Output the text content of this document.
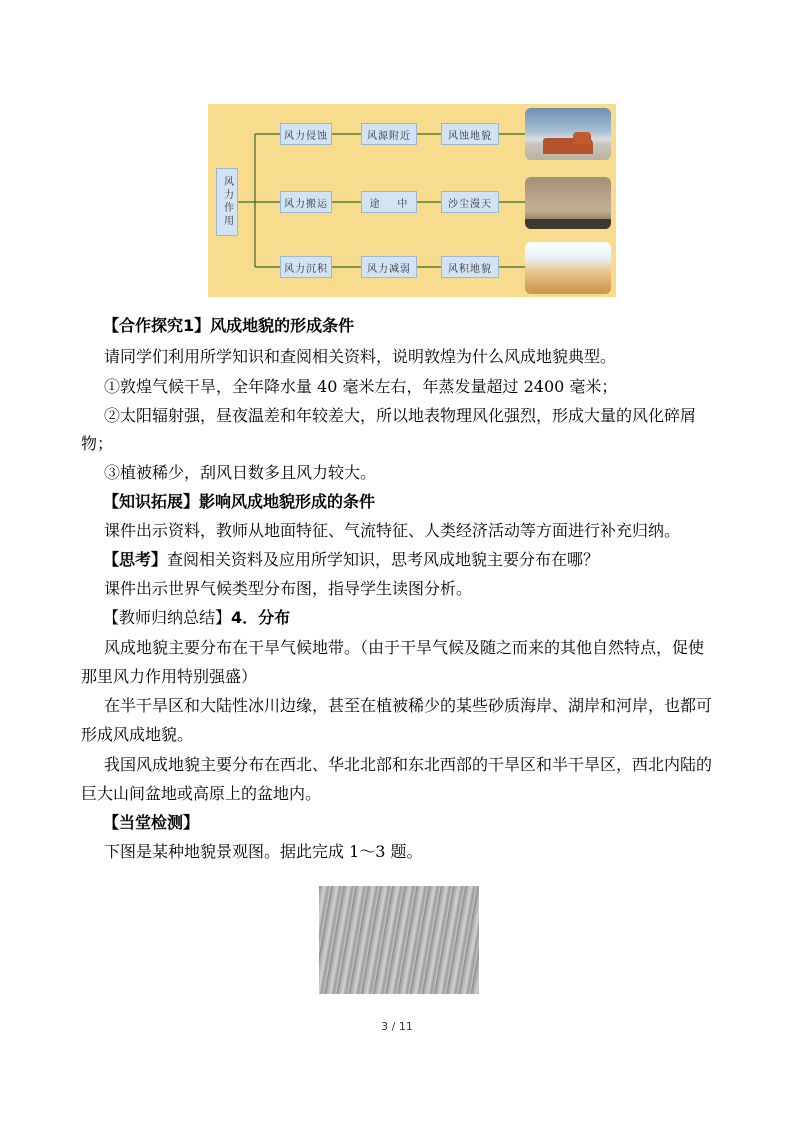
风力作用
风力侵蚀	风源附近	风蚀地貌
风力搬运	途    中	沙尘漫天
风力沉积	风力减弱	风积地貌
【合作探究1】风成地貌的形成条件
请同学们利用所学知识和查阅相关资料，说明敦煌为什么风成地貌典型。
①敦煌气候干旱，全年降水量 40 毫米左右，年蒸发量超过 2400 毫米；
②太阳辐射强，昼夜温差和年较差大，所以地表物理风化强烈，形成大量的风化碎屑
物；
③植被稀少，刮风日数多且风力较大。
【知识拓展】影响风成地貌形成的条件
课件出示资料，教师从地面特征、气流特征、人类经济活动等方面进行补充归纳。
【思考】查阅相关资料及应用所学知识，思考风成地貌主要分布在哪？
课件出示世界气候类型分布图，指导学生读图分析。
【教师归纳总结】4．分布
风成地貌主要分布在干旱气候地带。（由于干旱气候及随之而来的其他自然特点，促使
那里风力作用特别强盛）
在半干旱区和大陆性冰川边缘，甚至在植被稀少的某些砂质海岸、湖岸和河岸，也都可
形成风成地貌。
我国风成地貌主要分布在西北、华北北部和东北西部的干旱区和半干旱区，西北内陆的
巨大山间盆地或高原上的盆地内。
【当堂检测】
下图是某种地貌景观图。据此完成 1～3 题。
3 / 11
